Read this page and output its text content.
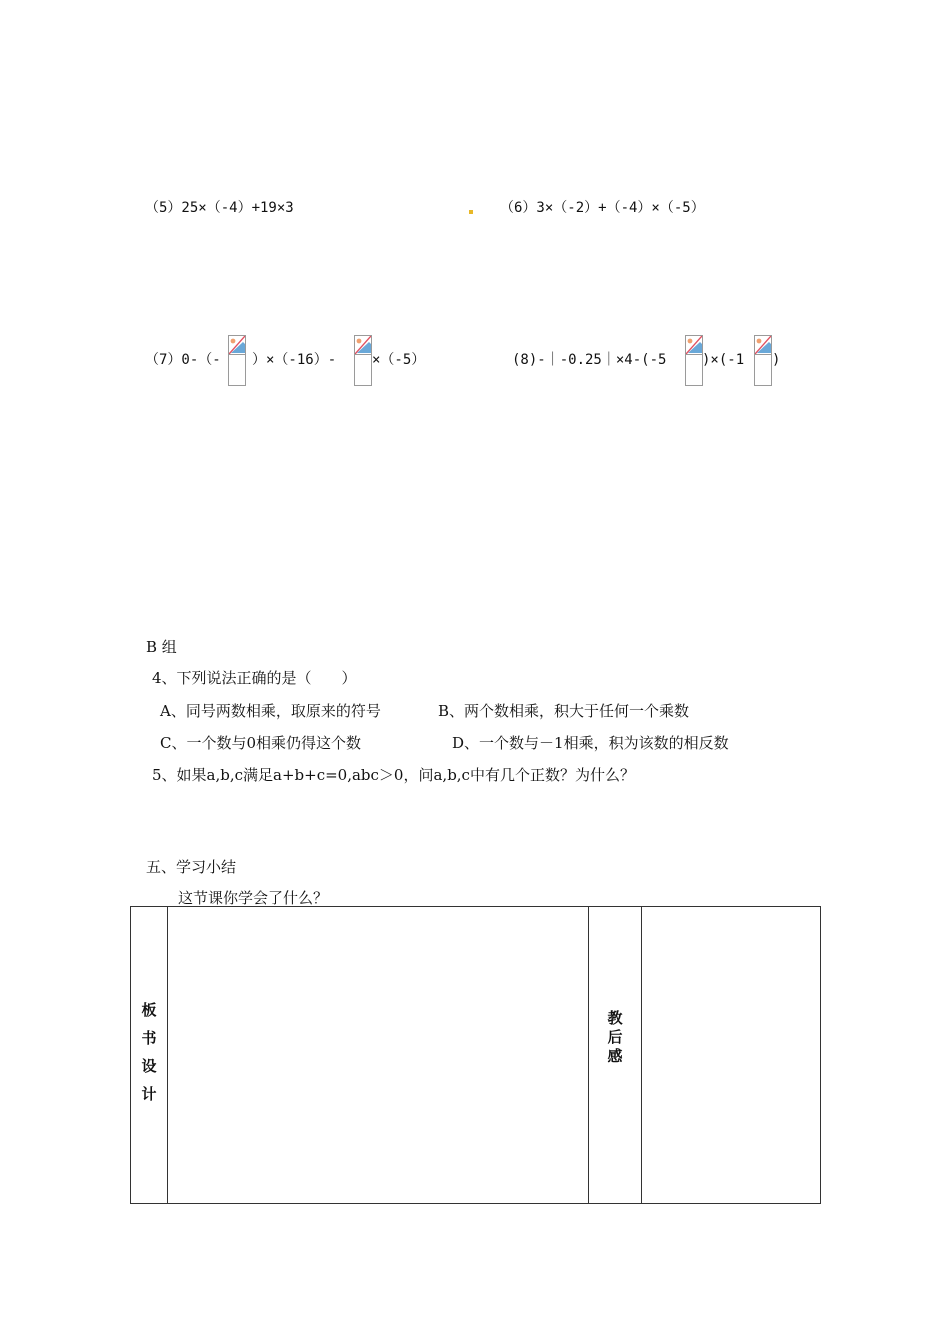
（5）25×（-4）+19×3	（6）3×（-2）+（-4）×（-5）
（7）0-（- ）×（-16）-	×（-5）	(8)-｜-0.25｜×4-(-5	)×(-1 )
B 组
4、下列说法正确的是（　　）
A、同号两数相乘，取原来的符号	B、两个数相乘，积大于任何一个乘数
C、一个数与0相乘仍得这个数	D、一个数与－1相乘，积为该数的相反数
5、如果a,b,c满足a+b+c=0,abc＞0，问a,b,c中有几个正数？为什么？
五、学习小结
这节课你学会了什么？
板
书
设
计

教
后
感
